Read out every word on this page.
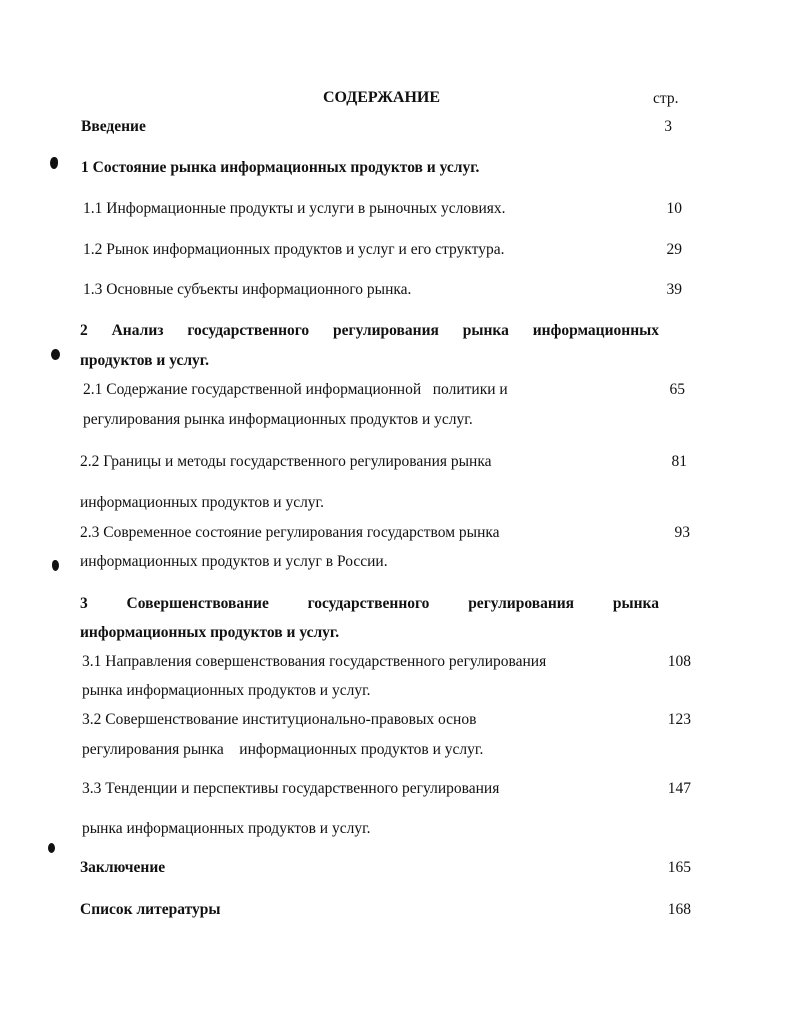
СОДЕРЖАНИЕ	стр.
Введение	3
1 Состояние рынка информационных продуктов и услуг.
1.1 Информационные продукты и услуги в рыночных условиях.	10
1.2 Рынок информационных продуктов и услуг и его структура.	29
1.3 Основные субъекты информационного рынка.	39
2 Анализ государственного регулирования рынка информационных
продуктов и услуг.
2.1 Содержание государственной информационной   политики и	65
регулирования рынка информационных продуктов и услуг.
2.2 Границы и методы государственного регулирования рынка	81
информационных продуктов и услуг.
2.3 Современное состояние регулирования государством рынка	93
информационных продуктов и услуг в России.
3	Совершенствование	государственного	регулирования	рынка
информационных продуктов и услуг.
3.1 Направления совершенствования государственного регулирования	108
рынка информационных продуктов и услуг.
3.2 Совершенствование институционально-правовых основ	123
регулирования рынка    информационных продуктов и услуг.
3.3 Тенденции и перспективы государственного регулирования	147
рынка информационных продуктов и услуг.
Заключение	165
Список литературы	168
